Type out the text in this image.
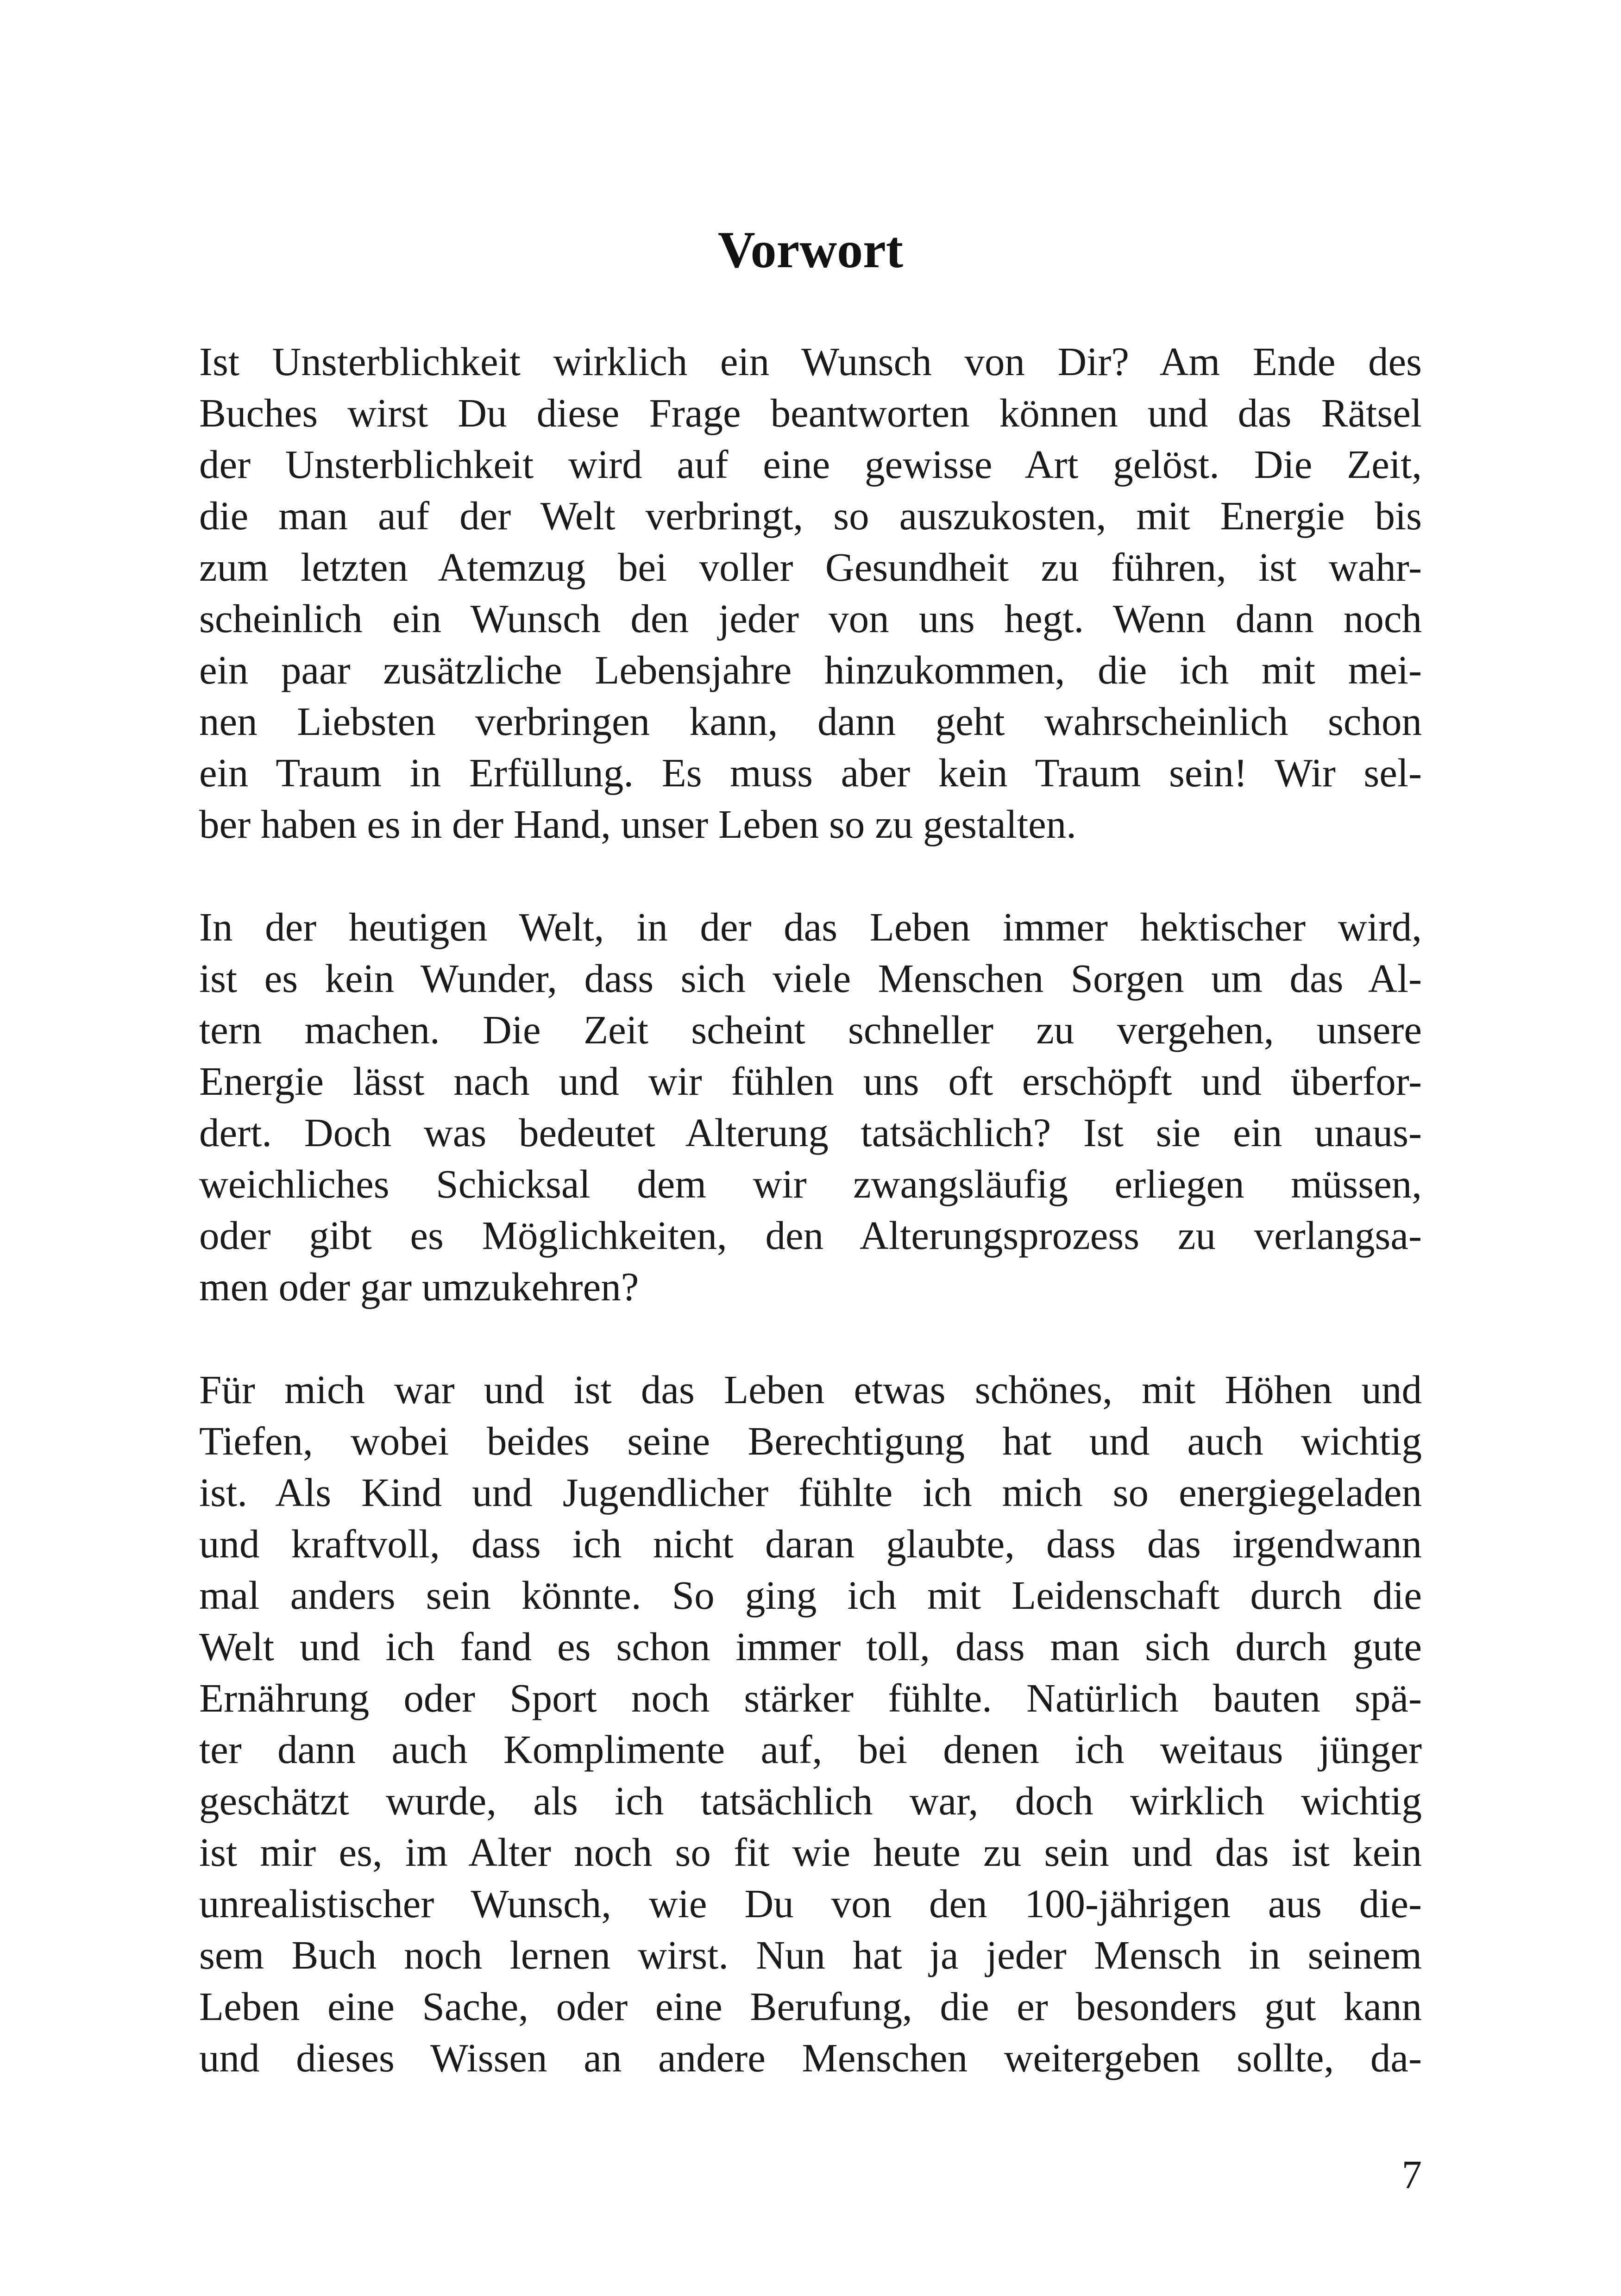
Vorwort
Ist Unsterblichkeit wirklich ein Wunsch von Dir? Am Ende des
Buches wirst Du diese Frage beantworten können und das Rätsel
der Unsterblichkeit wird auf eine gewisse Art gelöst. Die Zeit,
die man auf der Welt verbringt, so auszukosten, mit Energie bis
zum letzten Atemzug bei voller Gesundheit zu führen, ist wahr-
scheinlich ein Wunsch den jeder von uns hegt. Wenn dann noch
ein paar zusätzliche Lebensjahre hinzukommen, die ich mit mei-
nen Liebsten verbringen kann, dann geht wahrscheinlich schon
ein Traum in Erfüllung. Es muss aber kein Traum sein! Wir sel-
ber haben es in der Hand, unser Leben so zu gestalten.
In der heutigen Welt, in der das Leben immer hektischer wird,
ist es kein Wunder, dass sich viele Menschen Sorgen um das Al-
tern machen. Die Zeit scheint schneller zu vergehen, unsere
Energie lässt nach und wir fühlen uns oft erschöpft und überfor-
dert. Doch was bedeutet Alterung tatsächlich? Ist sie ein unaus-
weichliches Schicksal dem wir zwangsläufig erliegen müssen,
oder gibt es Möglichkeiten, den Alterungsprozess zu verlangsa-
men oder gar umzukehren?
Für mich war und ist das Leben etwas schönes, mit Höhen und
Tiefen, wobei beides seine Berechtigung hat und auch wichtig
ist. Als Kind und Jugendlicher fühlte ich mich so energiegeladen
und kraftvoll, dass ich nicht daran glaubte, dass das irgendwann
mal anders sein könnte. So ging ich mit Leidenschaft durch die
Welt und ich fand es schon immer toll, dass man sich durch gute
Ernährung oder Sport noch stärker fühlte. Natürlich bauten spä-
ter dann auch Komplimente auf, bei denen ich weitaus jünger
geschätzt wurde, als ich tatsächlich war, doch wirklich wichtig
ist mir es, im Alter noch so fit wie heute zu sein und das ist kein
unrealistischer Wunsch, wie Du von den 100-jährigen aus die-
sem Buch noch lernen wirst. Nun hat ja jeder Mensch in seinem
Leben eine Sache, oder eine Berufung, die er besonders gut kann
und dieses Wissen an andere Menschen weitergeben sollte, da-
7
